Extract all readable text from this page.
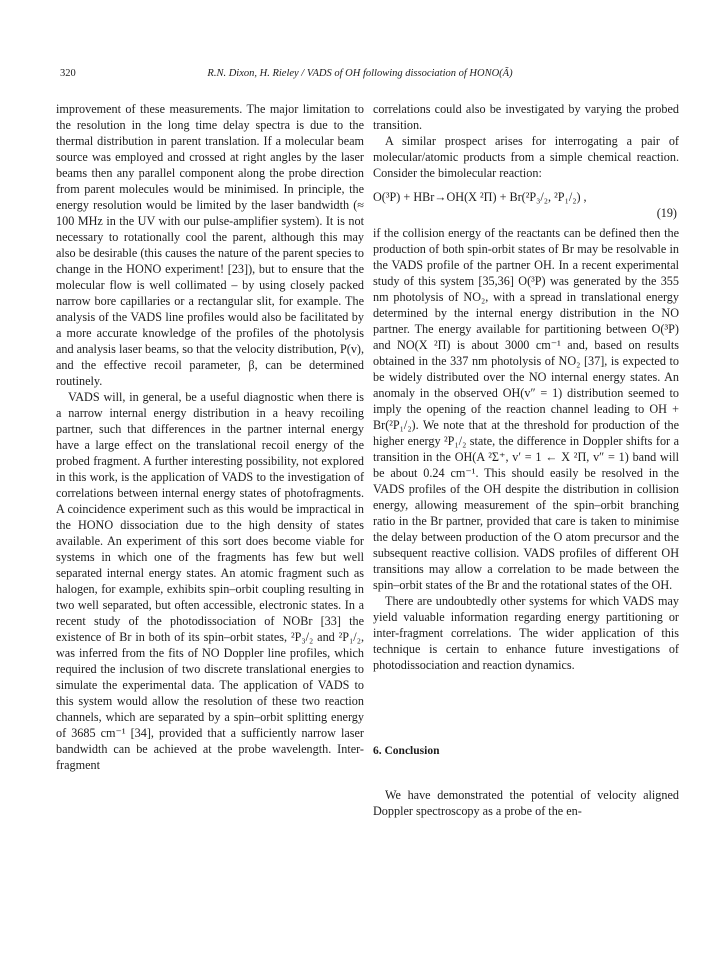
320	R.N. Dixon, H. Rieley / VADS of OH following dissociation of HONO(Ã)

improvement of these measurements. The major limitation to the resolution in the long time delay spectra is due to the thermal distribution in parent translation. If a molecular beam source was employed and crossed at right angles by the laser beams then any parallel component along the probe direction from parent molecules would be minimised. In principle, the energy resolution would be limited by the laser bandwidth (≈ 100 MHz in the UV with our pulse-amplifier system). It is not necessary to rotationally cool the parent, although this may also be desirable (this causes the nature of the parent species to change in the HONO experiment! [23]), but to ensure that the molecular flow is well collimated – by using closely packed narrow bore capillaries or a rectangular slit, for example. The analysis of the VADS line profiles would also be facilitated by a more accurate knowledge of the profiles of the photolysis and analysis laser beams, so that the velocity distribution, P(v), and the effective recoil parameter, β, can be determined routinely.

VADS will, in general, be a useful diagnostic when there is a narrow internal energy distribution in a heavy recoiling partner, such that differences in the partner internal energy have a large effect on the translational recoil energy of the probed fragment. A further interesting possibility, not explored in this work, is the application of VADS to the investigation of correlations between internal energy states of photofragments. A coincidence experiment such as this would be impractical in the HONO dissociation due to the high density of states available. An experiment of this sort does become viable for systems in which one of the fragments has few but well separated internal energy states. An atomic fragment such as halogen, for example, exhibits spin–orbit coupling resulting in two well separated, but often accessible, electronic states. In a recent study of the photodissociation of NOBr [33] the existence of Br in both of its spin–orbit states, ²P₃/₂ and ²P₁/₂, was inferred from the fits of NO Doppler line profiles, which required the inclusion of two discrete translational energies to simulate the experimental data. The application of VADS to this system would allow the resolution of these two reaction channels, which are separated by a spin–orbit splitting energy of 3685 cm⁻¹ [34], provided that a sufficiently narrow laser bandwidth can be achieved at the probe wavelength. Inter-fragment

correlations could also be investigated by varying the probed transition.

A similar prospect arises for interrogating a pair of molecular/atomic products from a simple chemical reaction. Consider the bimolecular reaction:

O(³P) + HBr→OH(X ²Π) + Br(²P₃/₂, ²P₁/₂) ,
(19)

if the collision energy of the reactants can be defined then the production of both spin-orbit states of Br may be resolvable in the VADS profile of the partner OH. In a recent experimental study of this system [35,36] O(³P) was generated by the 355 nm photolysis of NO₂, with a spread in translational energy determined by the internal energy distribution in the NO partner. The energy available for partitioning between O(³P) and NO(X ²Π) is about 3000 cm⁻¹ and, based on results obtained in the 337 nm photolysis of NO₂ [37], is expected to be widely distributed over the NO internal energy states. An anomaly in the observed OH(v″ = 1) distribution seemed to imply the opening of the reaction channel leading to OH + Br(²P₁/₂). We note that at the threshold for production of the higher energy ²P₁/₂ state, the difference in Doppler shifts for a transition in the OH(A ²Σ⁺, v′ = 1 ← X ²Π, v″ = 1) band will be about 0.24 cm⁻¹. This should easily be resolved in the VADS profiles of the OH despite the distribution in collision energy, allowing measurement of the spin–orbit branching ratio in the Br partner, provided that care is taken to minimise the delay between production of the O atom precursor and the subsequent reactive collision. VADS profiles of different OH transitions may allow a correlation to be made between the spin–orbit states of the Br and the rotational states of the OH.

There are undoubtedly other systems for which VADS may yield valuable information regarding energy partitioning or inter-fragment correlations. The wider application of this technique is certain to enhance future investigations of photodissociation and reaction dynamics.

6. Conclusion

We have demonstrated the potential of velocity aligned Doppler spectroscopy as a probe of the en-
